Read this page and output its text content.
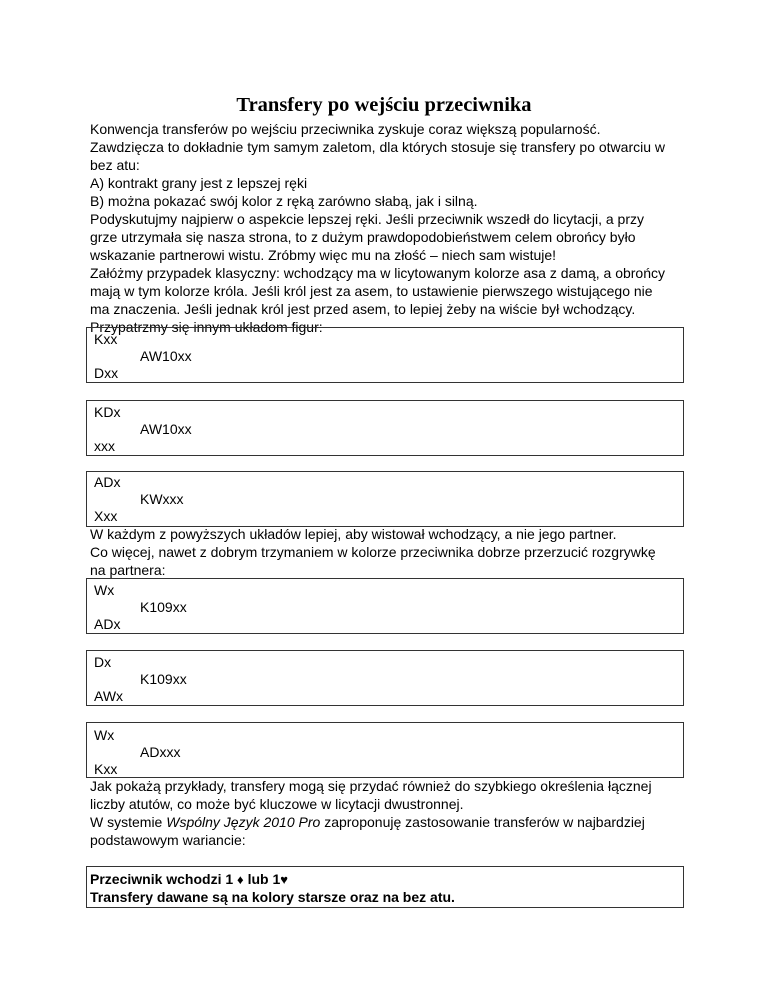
Transfery po wejściu przeciwnika
Konwencja transferów po wejściu przeciwnika zyskuje coraz większą popularność.
Zawdzięcza to dokładnie tym samym zaletom, dla których stosuje się transfery po otwarciu w
bez atu:
A) kontrakt grany jest z lepszej ręki
B) można pokazać swój kolor z ręką zarówno słabą, jak i silną.
Podyskutujmy najpierw o aspekcie lepszej ręki. Jeśli przeciwnik wszedł do licytacji, a przy
grze utrzymała się nasza strona, to z dużym prawdopodobieństwem celem obrońcy było
wskazanie partnerowi wistu. Zróbmy więc mu na złość – niech sam wistuje!
Załóżmy przypadek klasyczny: wchodzący ma w licytowanym kolorze asa z damą, a obrońcy
mają w tym kolorze króla. Jeśli król jest za asem, to ustawienie pierwszego wistującego nie
ma znaczenia. Jeśli jednak król jest przed asem, to lepiej żeby na wiście był wchodzący.
Przypatrzmy się innym układom figur:
Kxx
AW10xx
Dxx
KDx
AW10xx
xxx
ADx
KWxxx
Xxx
W każdym z powyższych układów lepiej, aby wistował wchodzący, a nie jego partner.
Co więcej, nawet z dobrym trzymaniem w kolorze przeciwnika dobrze przerzucić rozgrywkę
na partnera:
Wx
K109xx
ADx
Dx
K109xx
AWx
Wx
ADxxx
Kxx
Jak pokażą przykłady, transfery mogą się przydać również do szybkiego określenia łącznej
liczby atutów, co może być kluczowe w licytacji dwustronnej.
W systemie Wspólny Język 2010 Pro zaproponuję zastosowanie transferów w najbardziej
podstawowym wariancie:
Przeciwnik wchodzi 1 ♦ lub 1♥
Transfery dawane są na kolory starsze oraz na bez atu.
